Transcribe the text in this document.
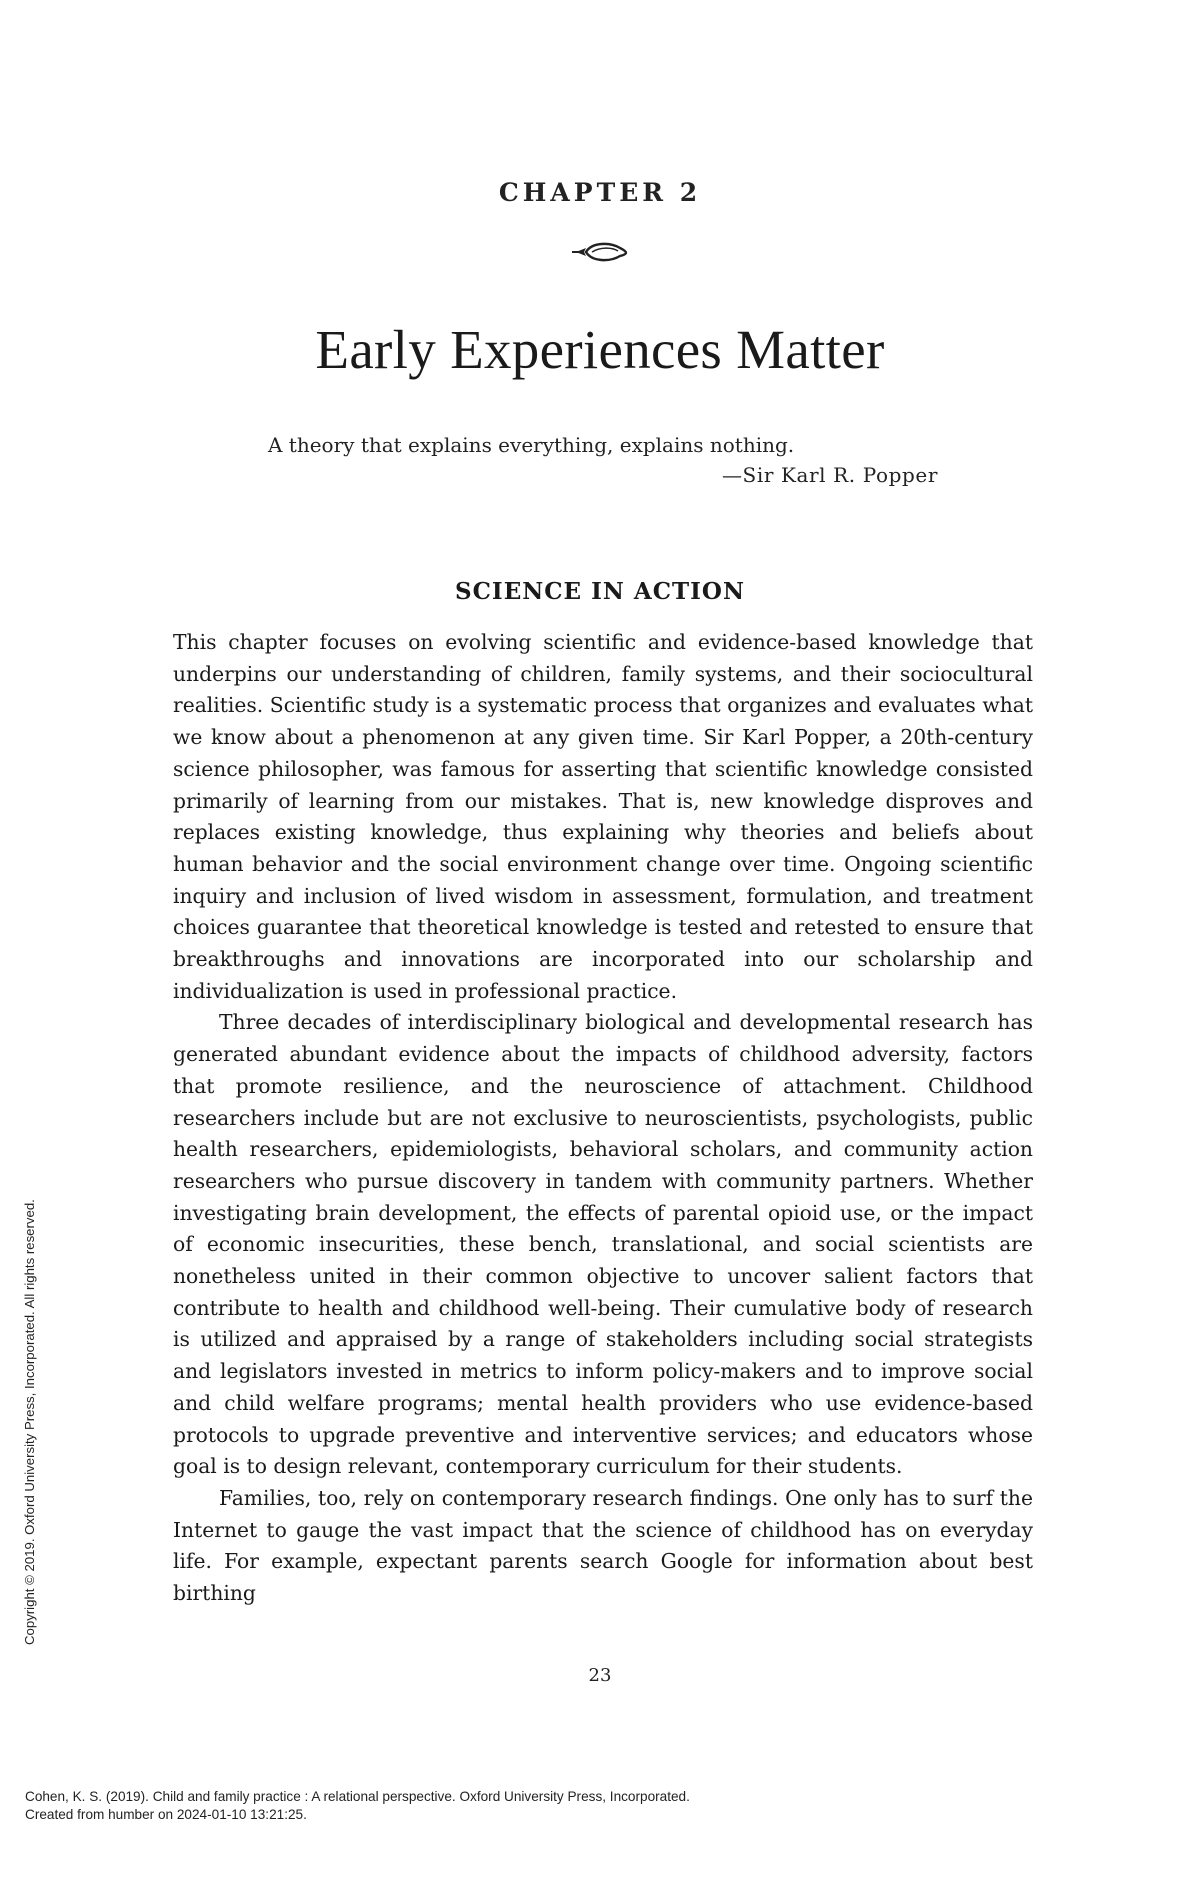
CHAPTER 2
Early Experiences Matter
A theory that explains everything, explains nothing.
—Sir Karl R. Popper
SCIENCE IN ACTION

This chapter focuses on evolving scientific and evidence-based knowledge that underpins our understanding of children, family systems, and their sociocultural realities. Scientific study is a systematic process that organizes and evaluates what we know about a phenomenon at any given time. Sir Karl Popper, a 20th-century science philosopher, was famous for asserting that scientific knowledge consisted primarily of learning from our mistakes. That is, new knowledge disproves and replaces existing knowledge, thus explaining why theories and beliefs about human behavior and the social environment change over time. Ongoing scientific inquiry and inclusion of lived wisdom in assessment, formulation, and treatment choices guarantee that theoretical knowledge is tested and retested to ensure that breakthroughs and innovations are incorporated into our scholarship and individualization is used in professional practice.

Three decades of interdisciplinary biological and developmental research has generated abundant evidence about the impacts of childhood adversity, factors that promote resilience, and the neuroscience of attachment. Childhood researchers include but are not exclusive to neuroscientists, psychologists, public health researchers, epidemiologists, behavioral scholars, and community action researchers who pursue discovery in tandem with community partners. Whether investigating brain development, the effects of parental opioid use, or the impact of economic insecurities, these bench, translational, and social scientists are nonetheless united in their common objective to uncover salient factors that contribute to health and childhood well-being. Their cumulative body of research is utilized and appraised by a range of stakeholders including social strategists and legislators invested in metrics to inform policy-makers and to improve social and child welfare programs; mental health providers who use evidence-based protocols to upgrade preventive and interventive services; and educators whose goal is to design relevant, contemporary curriculum for their students.

Families, too, rely on contemporary research findings. One only has to surf the Internet to gauge the vast impact that the science of childhood has on everyday life. For example, expectant parents search Google for information about best birthing

23
Copyright © 2019. Oxford University Press, Incorporated. All rights reserved.
Cohen, K. S. (2019). Child and family practice : A relational perspective. Oxford University Press, Incorporated.
Created from humber on 2024-01-10 13:21:25.
